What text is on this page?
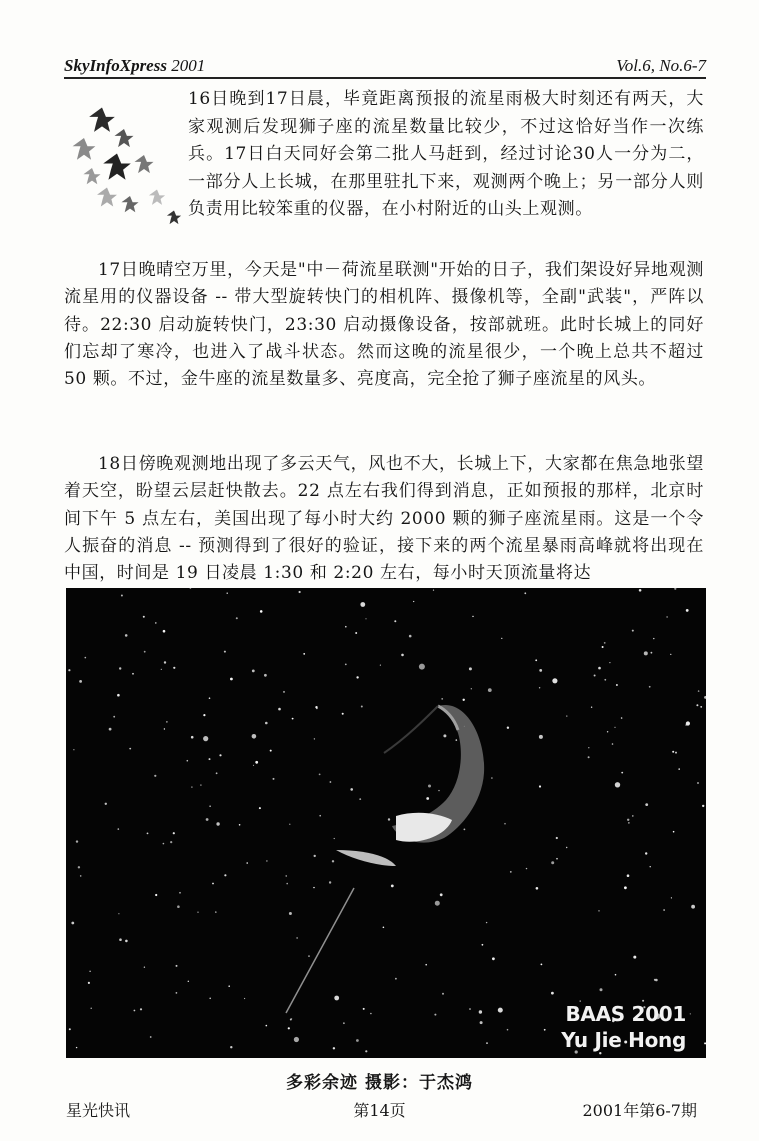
SkyInfoXpress 2001	Vol.6, No.6-7

16日晚到17日晨，毕竟距离预报的流星雨极大时刻还有两天，大家观测后发现狮子座的流星数量比较少，不过这恰好当作一次练兵。17日白天同好会第二批人马赶到，经过讨论30人一分为二，一部分人上长城，在那里驻扎下来，观测两个晚上；另一部分人则负责用比较笨重的仪器，在小村附近的山头上观测。

17日晚晴空万里，今天是"中－荷流星联测"开始的日子，我们架设好异地观测流星用的仪器设备 -- 带大型旋转快门的相机阵、摄像机等，全副"武装"，严阵以待。22:30 启动旋转快门，23:30 启动摄像设备，按部就班。此时长城上的同好们忘却了寒冷，也进入了战斗状态。然而这晚的流星很少，一个晚上总共不超过 50 颗。不过，金牛座的流星数量多、亮度高，完全抢了狮子座流星的风头。

18日傍晚观测地出现了多云天气，风也不大，长城上下，大家都在焦急地张望着天空，盼望云层赶快散去。22 点左右我们得到消息，正如预报的那样，北京时间下午 5 点左右，美国出现了每小时大约 2000 颗的狮子座流星雨。这是一个令人振奋的消息 -- 预测得到了很好的验证，接下来的两个流星暴雨高峰就将出现在中国，时间是 19 日凌晨 1:30 和 2:20 左右，每小时天顶流量将达

BAAS 2001
Yu Jie Hong
多彩余迹 摄影：于杰鸿
星光快讯	第14页	2001年第6-7期
